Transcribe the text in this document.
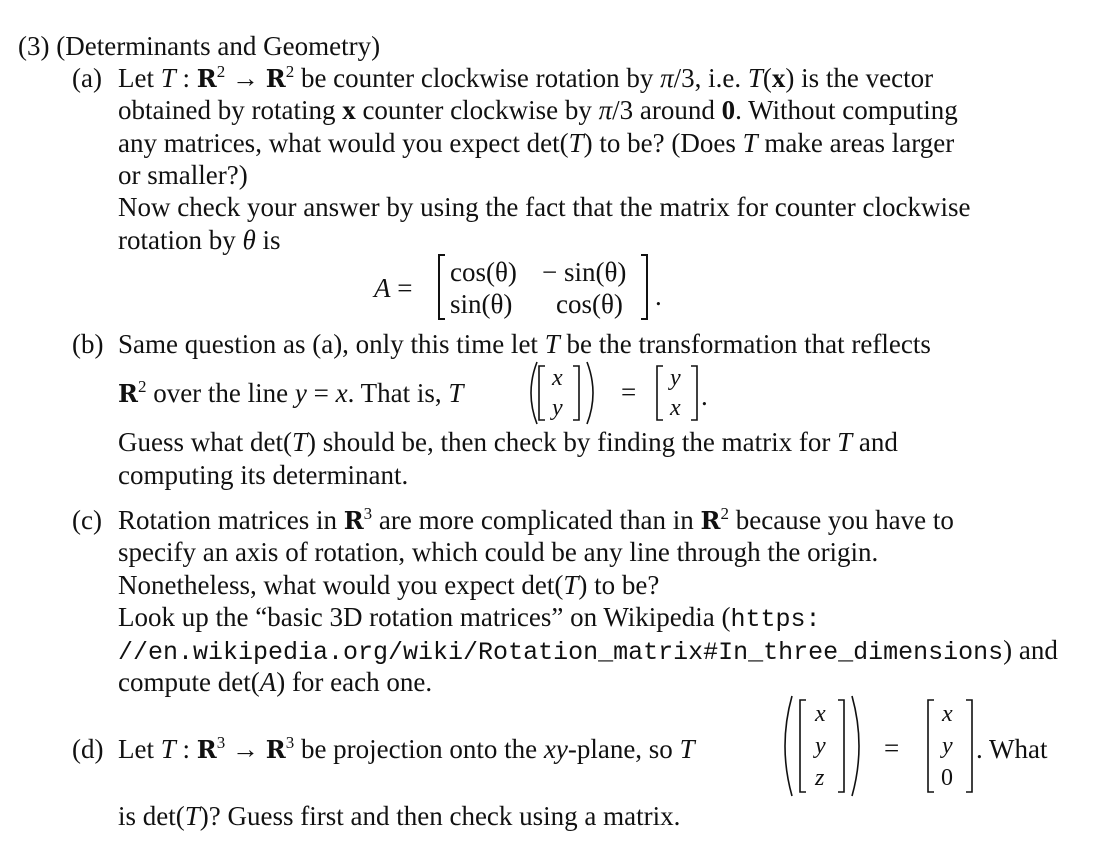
(3) (Determinants and Geometry)
(a) Let T : $R^2 \to R^2$ be counter clockwise rotation by π/3, i.e. T(x) is the vector
obtained by rotating x counter clockwise by π/3 around 0. Without computing
any matrices, what would you expect det(T) to be? (Does T make areas larger
or smaller?)
Now check your answer by using the fact that the matrix for counter clockwise
rotation by θ is
A =
cos(θ) − sin(θ)
sin(θ) cos(θ) .
(b) Same question as (a), only this time let T be the transformation that reflects
$R^2$ over the line y = x. That is, T	x
y
= y
x .
Guess what det(T) should be, then check by finding the matrix for T and
computing its determinant.
(c) Rotation matrices in $R^3$ are more complicated than in $R^2$ because you have to
specify an axis of rotation, which could be any line through the origin.
Nonetheless, what would you expect det(T) to be?
Look up the “basic 3D rotation matrices” on Wikipedia (https:
//en.wikipedia.org/wiki/Rotation_matrix#In_three_dimensions) and
compute det(A) for each one.
(d) Let T : $R^3 \to R^3$ be projection onto the xy-plane, so T
x
y
z
=
x
y
0
. What
is det(T)? Guess first and then check using a matrix.
